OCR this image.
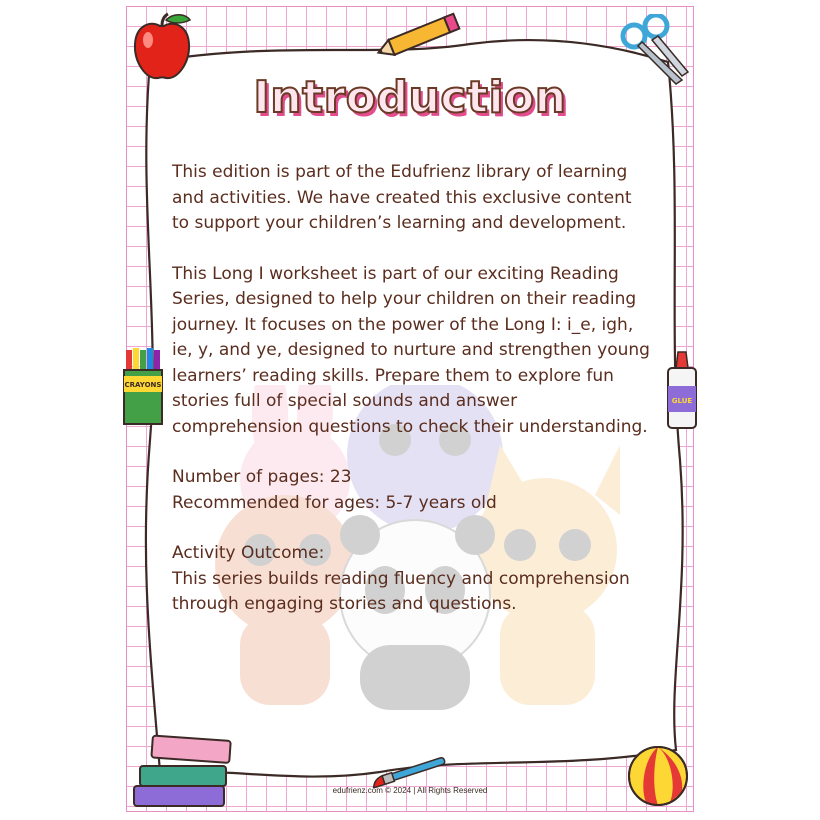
CRAYONS
GLUE
Introduction

This edition is part of the Edufrienz library of learning and activities. We have created this exclusive content to support your children’s learning and development.

This Long I worksheet is part of our exciting Reading Series, designed to help your children on their reading journey. It focuses on the power of the Long I: i_e, igh, ie, y, and ye, designed to nurture and strengthen young learners’ reading skills. Prepare them to explore fun stories full of special sounds and answer comprehension questions to check their understanding.

Number of pages: 23

Recommended for ages: 5-7 years old

Activity Outcome:

This series builds reading fluency and comprehension through engaging stories and questions.

edufrienz.com © 2024 | All Rights Reserved
